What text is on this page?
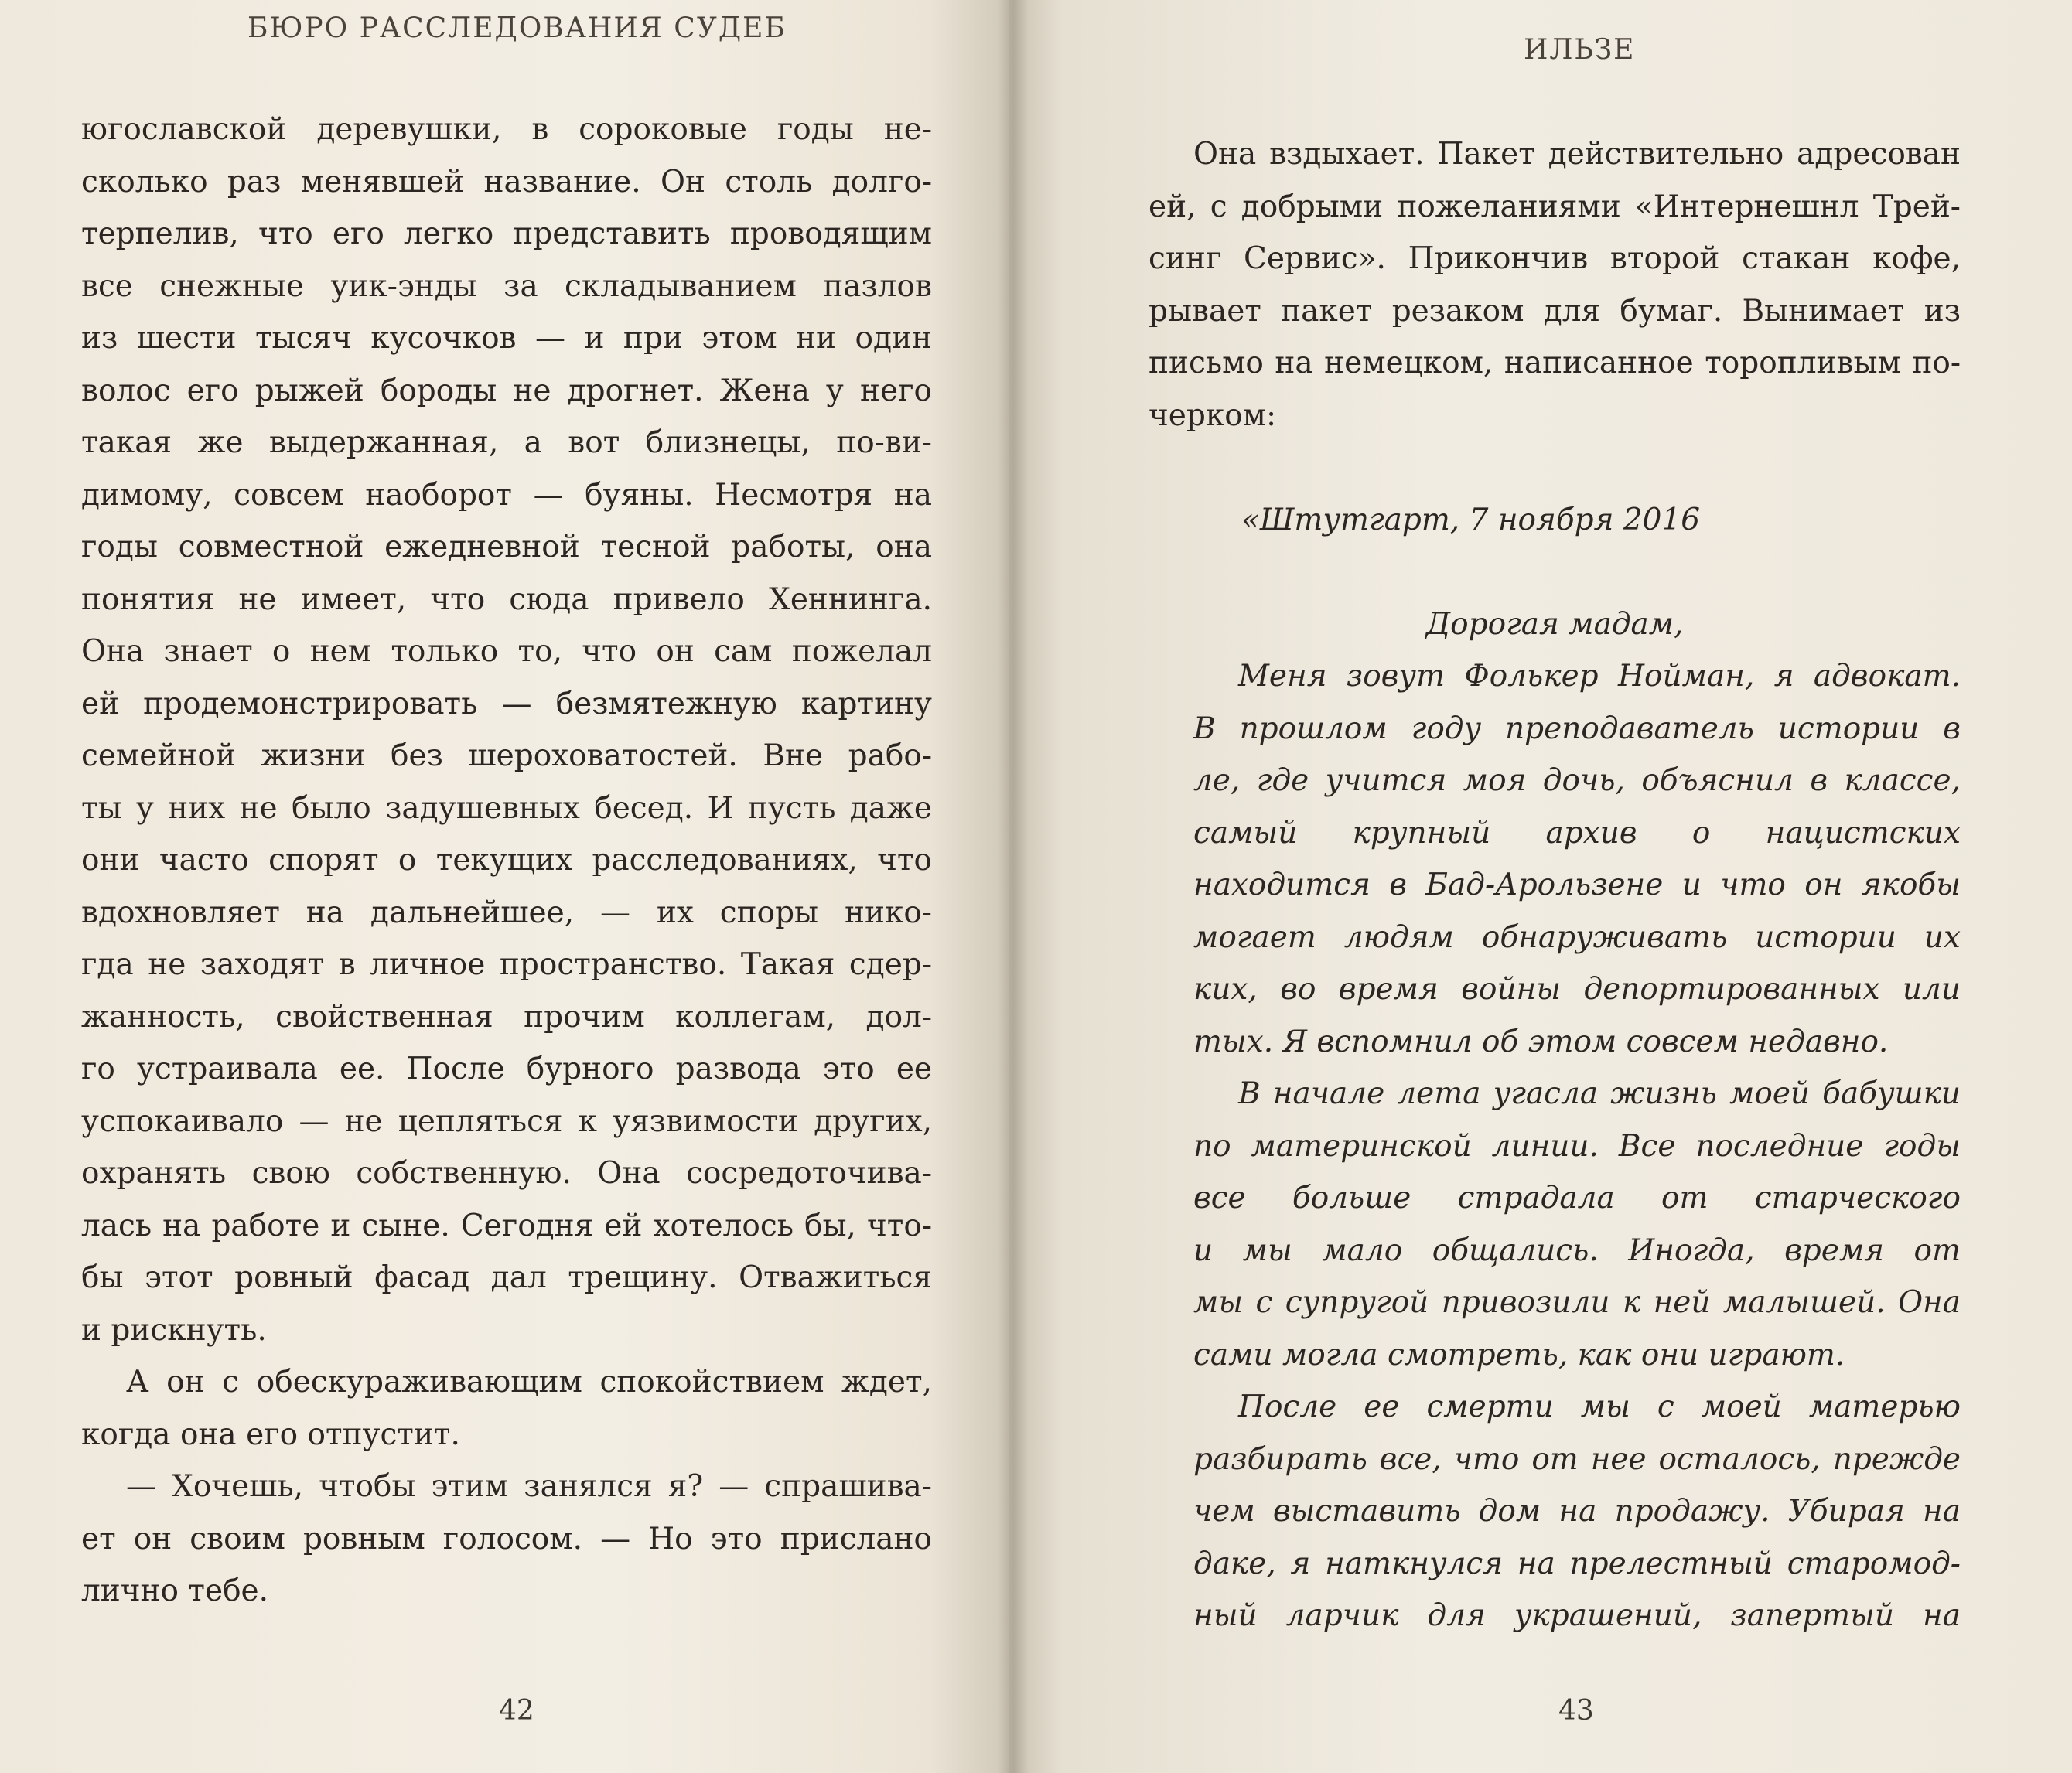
БЮРО РАССЛЕДОВАНИЯ СУДЕБ
югославской деревушки, в сороковые годы не-
сколько раз менявшей название. Он столь долго-
терпелив, что его легко представить проводящим
все снежные уик-энды за складыванием пазлов
из шести тысяч кусочков — и при этом ни один
волос его рыжей бороды не дрогнет. Жена у него
такая же выдержанная, а вот близнецы, по-ви-
димому, совсем наоборот — буяны. Несмотря на
годы совместной ежедневной тесной работы, она
понятия не имеет, что сюда привело Хеннинга.
Она знает о нем только то, что он сам пожелал
ей продемонстрировать — безмятежную картину
семейной жизни без шероховатостей. Вне рабо-
ты у них не было задушевных бесед. И пусть даже
они часто спорят о текущих расследованиях, что
вдохновляет на дальнейшее, — их споры нико-
гда не заходят в личное пространство. Такая сдер-
жанность, свойственная прочим коллегам, дол-
го устраивала ее. После бурного развода это ее
успокаивало — не цепляться к уязвимости других,
охранять свою собственную. Она сосредоточива-
лась на работе и сыне. Сегодня ей хотелось бы, что-
бы этот ровный фасад дал трещину. Отважиться
и рискнуть.
А он с обескураживающим спокойствием ждет,
когда она его отпустит.
— Хочешь, чтобы этим занялся я? — спрашива-
ет он своим ровным голосом. — Но это прислано
лично тебе.
42
ИЛЬЗЕ
Она вздыхает. Пакет действительно адресован
ей, с добрыми пожеланиями «Интернешнл Трей-
синг Сервис». Прикончив второй стакан кофе,
рывает пакет резаком для бумаг. Вынимает из
письмо на немецком, написанное торопливым по-
черком:
«Штутгарт, 7 ноября 2016
Дорогая мадам,
Меня зовут Фолькер Нойман, я адвокат.
В прошлом году преподаватель истории в
ле, где учится моя дочь, объяснил в классе,
самый крупный архив о нацистских
находится в Бад-Арользене и что он якобы
могает людям обнаруживать истории их
ких, во время войны депортированных или
тых. Я вспомнил об этом совсем недавно.
В начале лета угасла жизнь моей бабушки
по материнской линии. Все последние годы
все больше страдала от старческого
и мы мало общались. Иногда, время от
мы с супругой привозили к ней малышей. Она
сами могла смотреть, как они играют.
После ее смерти мы с моей матерью
разбирать все, что от нее осталось, прежде
чем выставить дом на продажу. Убирая на
даке, я наткнулся на прелестный старомод-
ный ларчик для украшений, запертый на
43
